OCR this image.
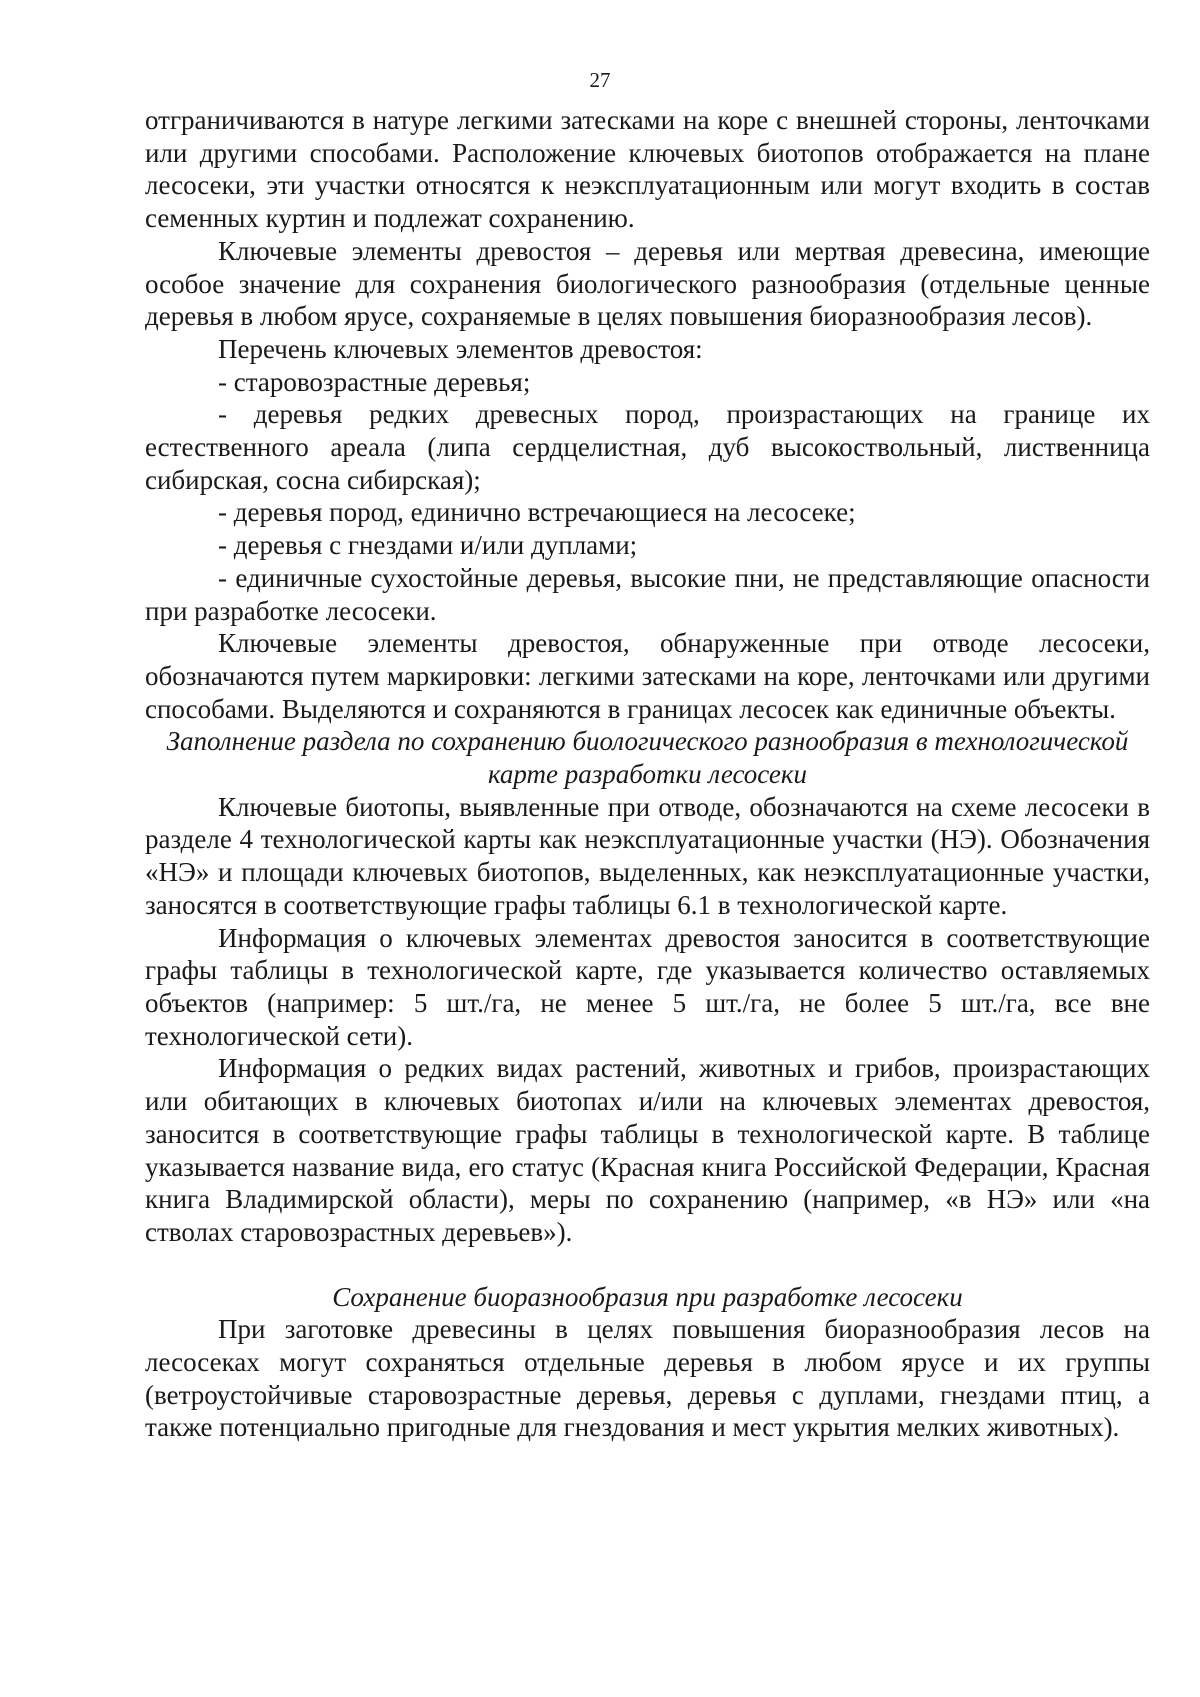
27

отграничиваются в натуре легкими затесками на коре с внешней стороны, ленточками или другими способами. Расположение ключевых биотопов отображается на плане лесосеки, эти участки относятся к неэксплуатационным или могут входить в состав семенных куртин и подлежат сохранению.

Ключевые элементы древостоя – деревья или мертвая древесина, имеющие особое значение для сохранения биологического разнообразия (отдельные ценные деревья в любом ярусе, сохраняемые в целях повышения биоразнообразия лесов).

Перечень ключевых элементов древостоя:

- старовозрастные деревья;

- деревья редких древесных пород, произрастающих на границе их естественного ареала (липа сердцелистная, дуб высокоствольный, лиственница сибирская, сосна сибирская);

- деревья пород, единично встречающиеся на лесосеке;

- деревья с гнездами и/или дуплами;

- единичные сухостойные деревья, высокие пни, не представляющие опасности при разработке лесосеки.

Ключевые элементы древостоя, обнаруженные при отводе лесосеки, обозначаются путем маркировки: легкими затесками на коре, ленточками или другими способами. Выделяются и сохраняются в границах лесосек как единичные объекты.

Заполнение раздела по сохранению биологического разнообразия в технологической карте разработки лесосеки

Ключевые биотопы, выявленные при отводе, обозначаются на схеме лесосеки в разделе 4 технологической карты как неэксплуатационные участки (НЭ). Обозначения «НЭ» и площади ключевых биотопов, выделенных, как неэксплуатационные участки, заносятся в соответствующие графы таблицы 6.1 в технологической карте.

Информация о ключевых элементах древостоя заносится в соответствующие графы таблицы в технологической карте, где указывается количество оставляемых объектов (например: 5 шт./га, не менее 5 шт./га, не более 5 шт./га, все вне технологической сети).

Информация о редких видах растений, животных и грибов, произрастающих или обитающих в ключевых биотопах и/или на ключевых элементах древостоя, заносится в соответствующие графы таблицы в технологической карте. В таблице указывается название вида, его статус (Красная книга Российской Федерации, Красная книга Владимирской области), меры по сохранению (например, «в НЭ» или «на стволах старовозрастных деревьев»).

Сохранение биоразнообразия при разработке лесосеки

При заготовке древесины в целях повышения биоразнообразия лесов на лесосеках могут сохраняться отдельные деревья в любом ярусе и их группы (ветроустойчивые старовозрастные деревья, деревья с дуплами, гнездами птиц, а также потенциально пригодные для гнездования и мест укрытия мелких животных).
